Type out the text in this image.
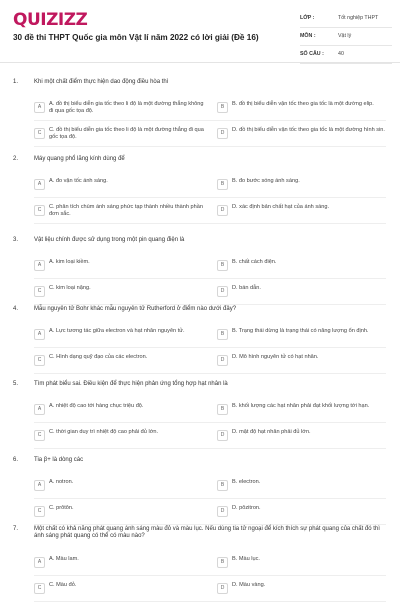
QUIZIZZ
30 đề thi THPT Quốc gia môn Vật lí năm 2022 có lời giải (Đề 16)
LỚP :	Tốt nghiệp THPT
MÔN :	Vật lý
SỐ CÂU :	40
1.	Khi một chất điểm thực hiện dao động điều hòa thì
A	A. đồ thị biểu diễn gia tốc theo li độ là một đường thẳng không đi qua gốc tọa độ.
B	B. đồ thị biểu diễn vận tốc theo gia tốc là một đường elip.
C	C. đồ thị biểu diễn gia tốc theo li độ là một đường thẳng đi qua gốc tọa độ.
D	D. đồ thị biểu diễn vận tốc theo gia tốc là một đường hình sin.
2.	Máy quang phổ lăng kính dùng để
A	A. đo vận tốc ánh sáng.	B	B. đo bước sóng ánh sáng.
C	C. phân tích chùm ánh sáng phức tạp thành nhiều thành phần đơn sắc.
D	D. xác định bản chất hạt của ánh sáng.
3.	Vật liệu chính được sử dụng trong một pin quang điện là
A	A. kim loại kiềm.	B	B. chất cách điện.
C	C. kim loại nặng.	D	D. bán dẫn.
4.	Mẫu nguyên tử Bohr khác mẫu nguyên tử Rutherford ở điểm nào dưới đây?
A	A. Lực tương tác giữa electron và hạt nhân nguyên tử.	B	B. Trạng thái dừng là trạng thái có năng lượng ổn định.
C	C. Hình dạng quỹ đạo của các electron.	D	D. Mô hình nguyên tử có hạt nhân.
5.	Tìm phát biểu sai. Điều kiện để thực hiện phản ứng tổng hợp hạt nhân là
A	A. nhiệt độ cao tới hàng chục triệu độ.	B	B. khối lượng các hạt nhân phải đạt khối lượng tới hạn.
C	C. thời gian duy trì nhiệt độ cao phải đủ lớn.	D	D. mật độ hạt nhân phải đủ lớn.
6.	Tia β+ là dòng các
A	A. notron.	B	B. electron.
C	C. prôtôn.	D	D. pôzitron.
7.	Một chất có khả năng phát quang ánh sáng màu đỏ và màu lục. Nếu dùng tia tử ngoại để kích thích sự phát quang của chất đó thì ánh sáng phát quang có thể có màu nào?
A	A. Màu lam.	B	B. Màu lục.
C	C. Màu đỏ.	D	D. Màu vàng.
